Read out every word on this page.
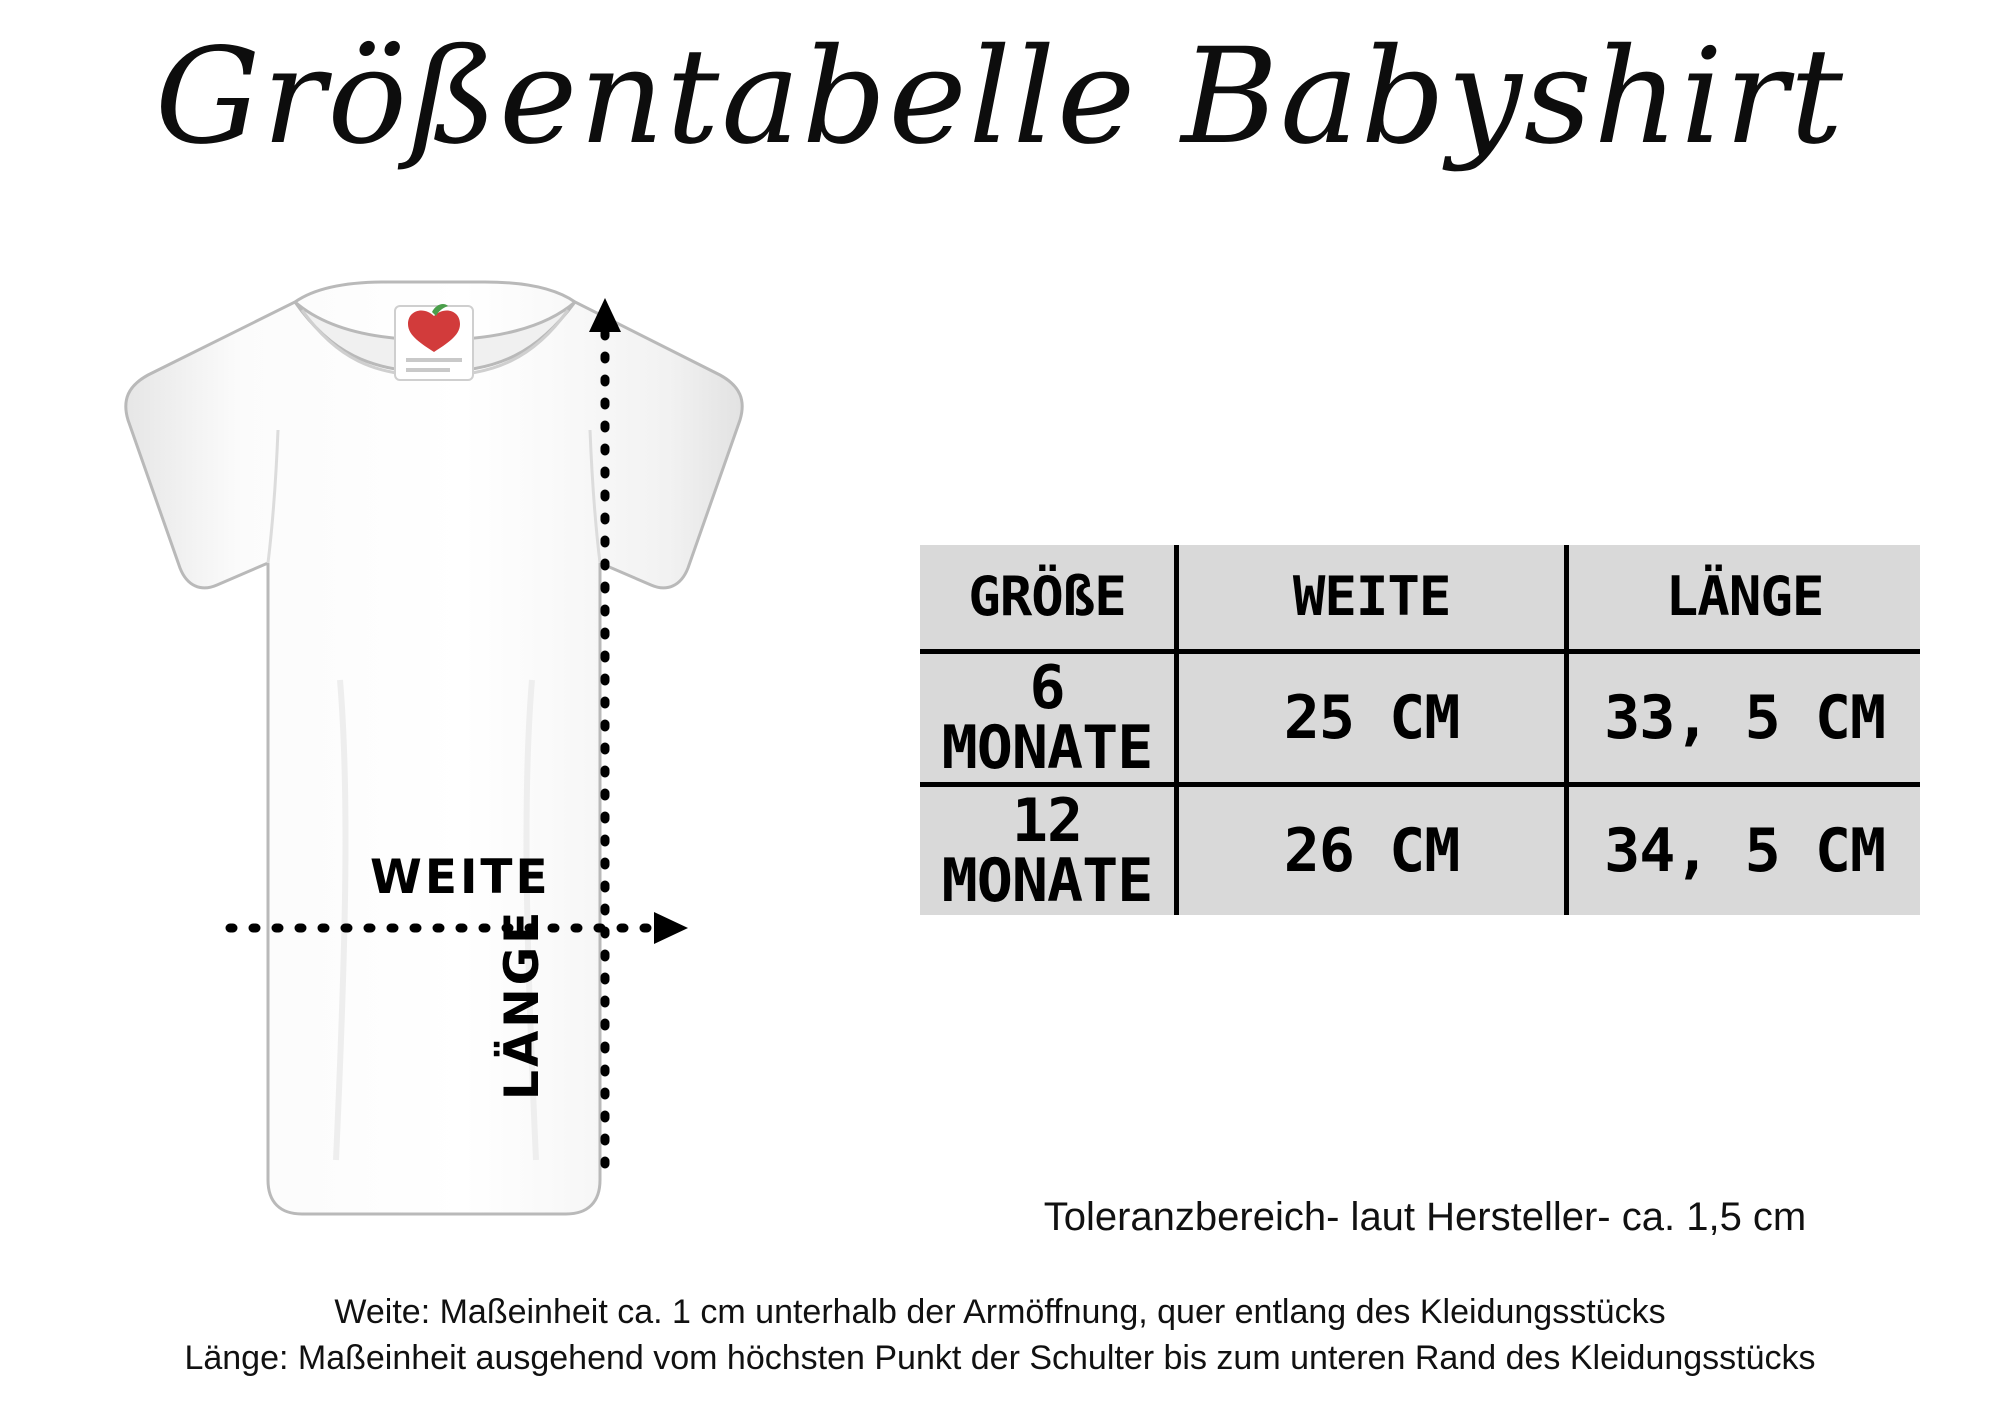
Größentabelle Babyshirt
WEITE
LÄNGE
GRÖßE	WEITE	LÄNGE
6 MONATE	25 CM	33, 5 CM
12 MONATE	26 CM	34, 5 CM
Toleranzbereich- laut Hersteller- ca. 1,5 cm
Weite: Maßeinheit ca. 1 cm unterhalb der Armöffnung, quer entlang des Kleidungsstücks
Länge: Maßeinheit ausgehend vom höchsten Punkt der Schulter bis zum unteren Rand des Kleidungsstücks
